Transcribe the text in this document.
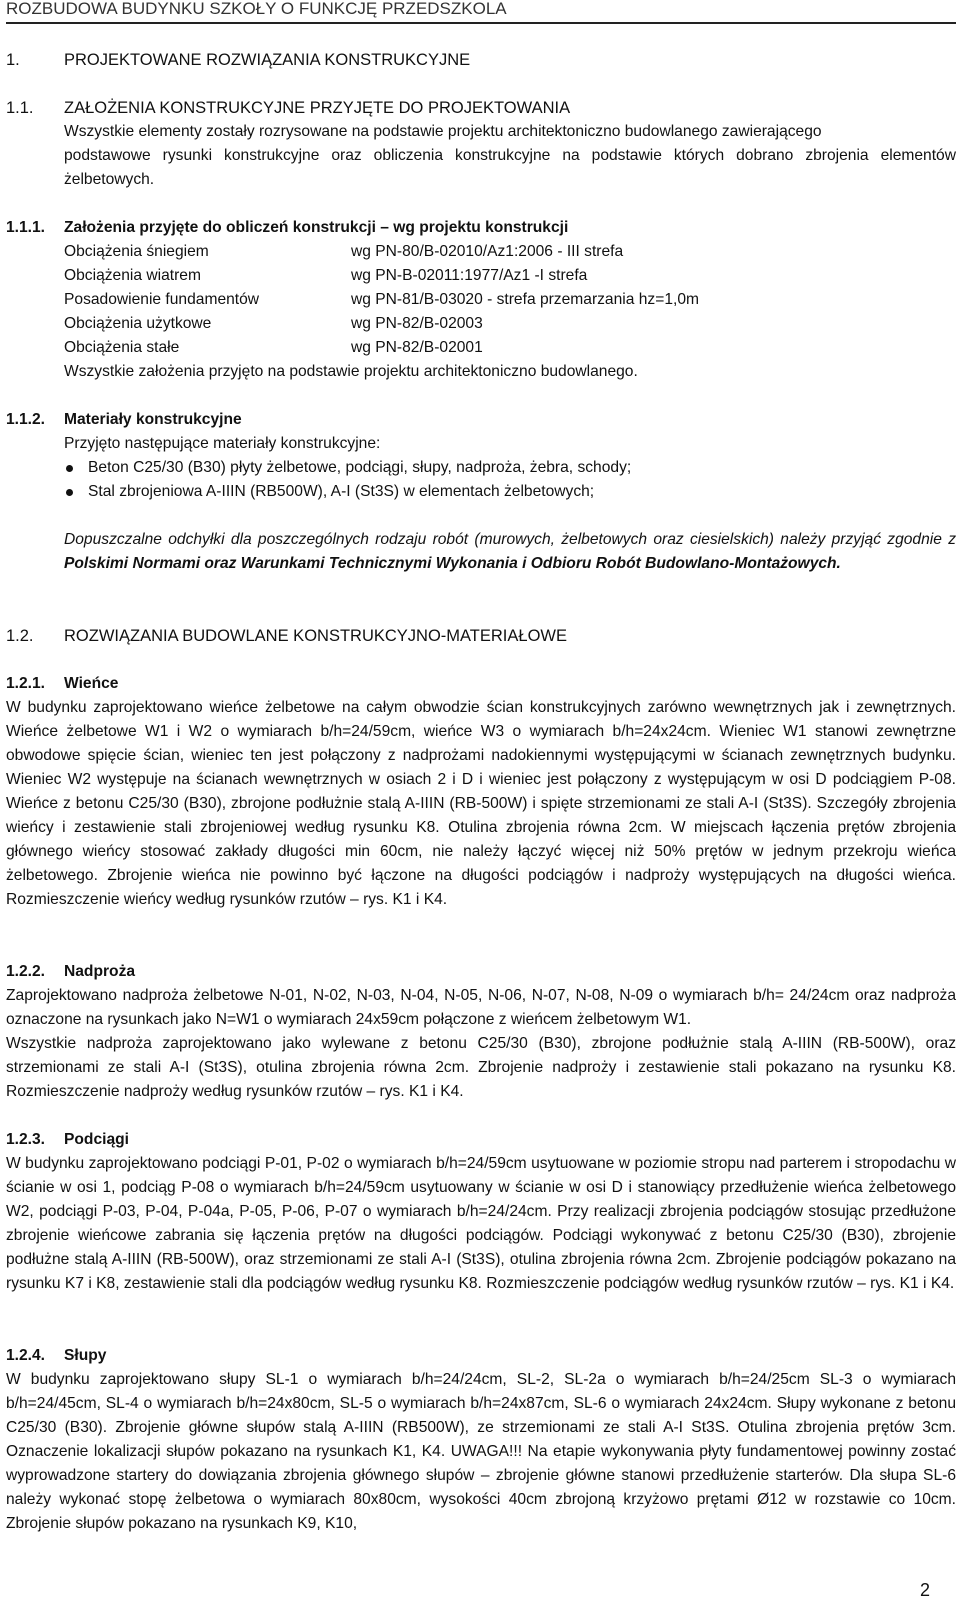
ROZBUDOWA BUDYNKU SZKOŁY O FUNKCJĘ PRZEDSZKOLA
1.	PROJEKTOWANE ROZWIĄZANIA KONSTRUKCYJNE
1.1. ZAŁOŻENIA KONSTRUKCYJNE PRZYJĘTE DO PROJEKTOWANIA

Wszystkie elementy zostały rozrysowane na podstawie projektu architektoniczno budowlanego zawierającego

podstawowe rysunki konstrukcyjne oraz obliczenia konstrukcyjne na podstawie których dobrano zbrojenia elementów żelbetowych.

1.1.1. Założenia przyjęte do obliczeń konstrukcji – wg projektu konstrukcji
Obciążenia śniegiem	wg PN-80/B-02010/Az1:2006 - III strefa
Obciążenia wiatrem	wg PN-B-02011:1977/Az1 -I strefa
Posadowienie fundamentów	wg PN-81/B-03020 - strefa przemarzania hz=1,0m
Obciążenia użytkowe	wg PN-82/B-02003
Obciążenia stałe	wg PN-82/B-02001

Wszystkie założenia przyjęto na podstawie projektu architektoniczno budowlanego.

1.1.2. Materiały konstrukcyjne

Przyjęto następujące materiały konstrukcyjne:

Beton C25/30 (B30) płyty żelbetowe, podciągi, słupy, nadproża, żebra, schody;
Stal zbrojeniowa A-IIIN (RB500W), A-I (St3S) w elementach żelbetowych;

Dopuszczalne odchyłki dla poszczególnych rodzaju robót (murowych, żelbetowych oraz ciesielskich) należy przyjąć zgodnie z Polskimi Normami oraz Warunkami Technicznymi Wykonania i Odbioru Robót Budowlano-Montażowych.

1.2. ROZWIĄZANIA BUDOWLANE KONSTRUKCYJNO-MATERIAŁOWE
1.2.1. Wieńce

W budynku zaprojektowano wieńce żelbetowe na całym obwodzie ścian konstrukcyjnych zarówno wewnętrznych jak i zewnętrznych. Wieńce żelbetowe W1 i W2 o wymiarach b/h=24/59cm, wieńce W3 o wymiarach b/h=24x24cm. Wieniec W1 stanowi zewnętrzne obwodowe spięcie ścian, wieniec ten jest połączony z nadprożami nadokiennymi występującymi w ścianach zewnętrznych budynku. Wieniec W2 występuje na ścianach wewnętrznych w osiach 2 i D i wieniec jest połączony z występującym w osi D podciągiem P-08. Wieńce z betonu C25/30 (B30), zbrojone podłużnie stalą A-IIIN (RB-500W) i spięte strzemionami ze stali A-I (St3S). Szczegóły zbrojenia wieńcy i zestawienie stali zbrojeniowej według rysunku K8. Otulina zbrojenia równa 2cm. W miejscach łączenia prętów zbrojenia głównego wieńcy stosować zakłady długości min 60cm, nie należy łączyć więcej niż 50% prętów w jednym przekroju wieńca żelbetowego. Zbrojenie wieńca nie powinno być łączone na długości podciągów i nadproży występujących na długości wieńca. Rozmieszczenie wieńcy według rysunków rzutów – rys. K1 i K4.

1.2.2. Nadproża

Zaprojektowano nadproża żelbetowe N-01, N-02, N-03, N-04, N-05, N-06, N-07, N-08, N-09 o wymiarach b/h= 24/24cm oraz nadproża oznaczone na rysunkach jako N=W1 o wymiarach 24x59cm połączone z wieńcem żelbetowym W1.

Wszystkie nadproża zaprojektowano jako wylewane z betonu C25/30 (B30), zbrojone podłużnie stalą A-IIIN (RB-500W), oraz strzemionami ze stali A-I (St3S), otulina zbrojenia równa 2cm. Zbrojenie nadproży i zestawienie stali pokazano na rysunku K8. Rozmieszczenie nadproży według rysunków rzutów – rys. K1 i K4.

1.2.3. Podciągi

W budynku zaprojektowano podciągi P-01, P-02 o wymiarach b/h=24/59cm usytuowane w poziomie stropu nad parterem i stropodachu w ścianie w osi 1, podciąg P-08 o wymiarach b/h=24/59cm usytuowany w ścianie w osi D i stanowiący przedłużenie wieńca żelbetowego W2, podciągi P-03, P-04, P-04a, P-05, P-06, P-07 o wymiarach b/h=24/24cm. Przy realizacji zbrojenia podciągów stosując przedłużone zbrojenie wieńcowe zabrania się łączenia prętów na długości podciągów. Podciągi wykonywać z betonu C25/30 (B30), zbrojenie podłużne stalą A-IIIN (RB-500W), oraz strzemionami ze stali A-I (St3S), otulina zbrojenia równa 2cm. Zbrojenie podciągów pokazano na rysunku K7 i K8, zestawienie stali dla podciągów według rysunku K8. Rozmieszczenie podciągów według rysunków rzutów – rys. K1 i K4.

1.2.4. Słupy

W budynku zaprojektowano słupy SL-1 o wymiarach b/h=24/24cm, SL-2, SL-2a o wymiarach b/h=24/25cm SL-3 o wymiarach b/h=24/45cm, SL-4 o wymiarach b/h=24x80cm, SL-5 o wymiarach b/h=24x87cm, SL-6 o wymiarach 24x24cm. Słupy wykonane z betonu C25/30 (B30). Zbrojenie główne słupów stalą A-IIIN (RB500W), ze strzemionami ze stali A-I St3S. Otulina zbrojenia prętów 3cm. Oznaczenie lokalizacji słupów pokazano na rysunkach K1, K4. UWAGA!!! Na etapie wykonywania płyty fundamentowej powinny zostać wyprowadzone startery do dowiązania zbrojenia głównego słupów – zbrojenie główne stanowi przedłużenie starterów. Dla słupa SL-6 należy wykonać stopę żelbetowa o wymiarach 80x80cm, wysokości 40cm zbrojoną krzyżowo prętami Ø12 w rozstawie co 10cm. Zbrojenie słupów pokazano na rysunkach K9, K10,

2
